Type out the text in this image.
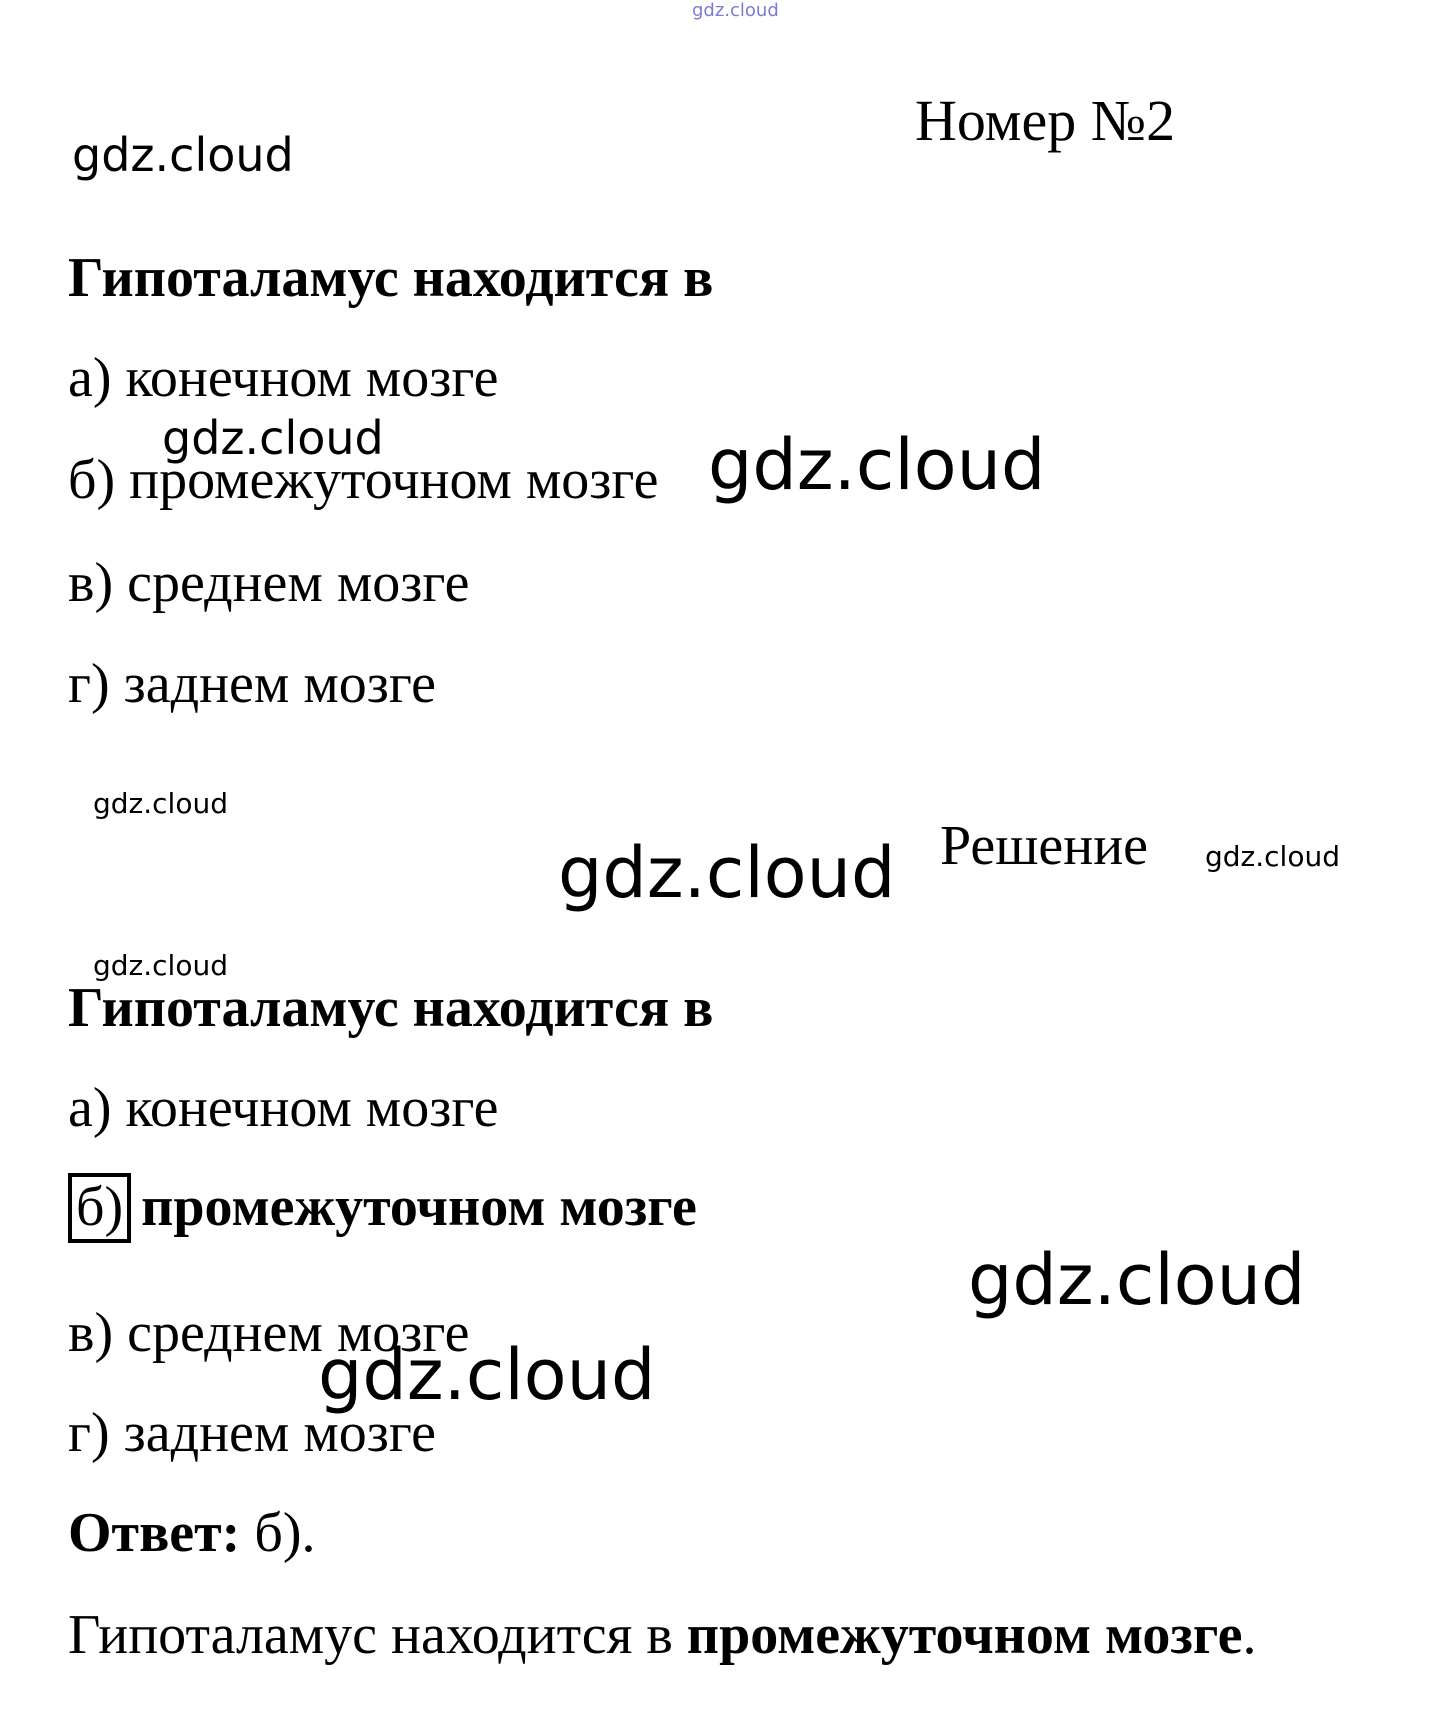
gdz.cloud
gdz.cloud
gdz.cloud	gdz.cloud
gdz.cloud
gdz.cloud	gdz.cloud
gdz.cloud
gdz.cloud
Номер №2
Гипоталамус находится в
а) конечном мозге
б) промежуточном мозге
в) среднем мозге
г) заднем мозге
Решение
Гипоталамус находится в
а) конечном мозге
б) промежуточном мозге
в) среднем мозге
gdz.cloud
г) заднем мозге
Ответ: б).
Гипоталамус находится в промежуточном мозге.
